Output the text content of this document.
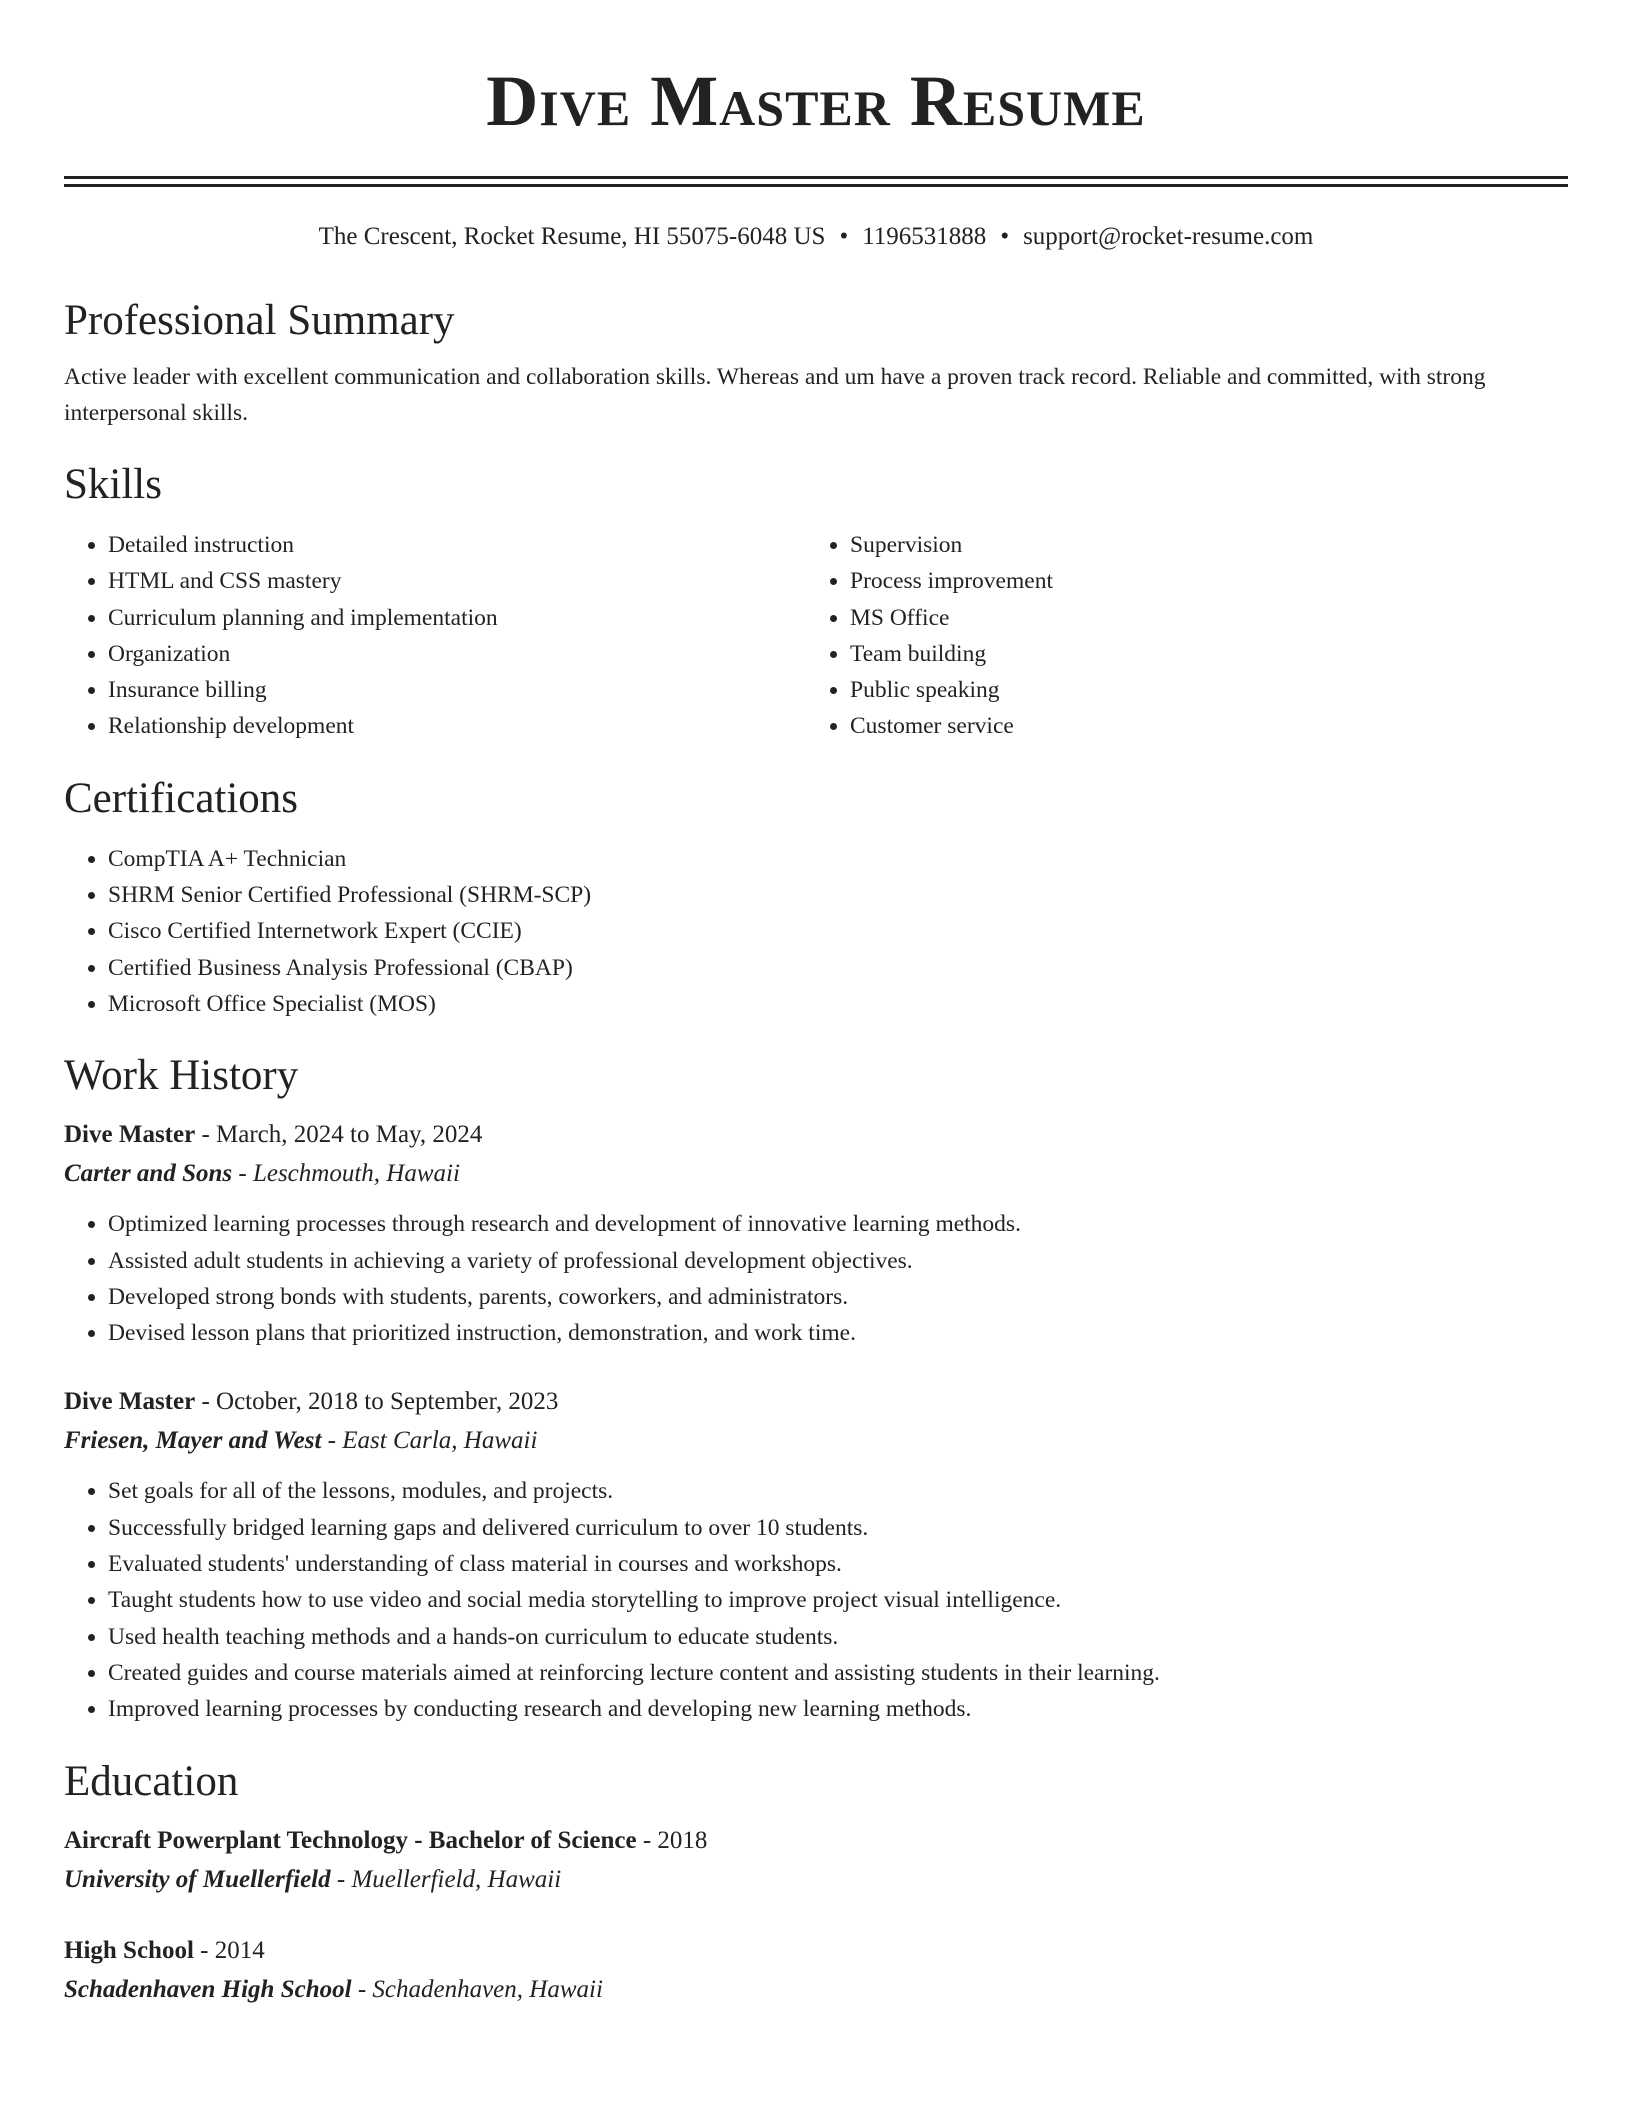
Dive Master Resume
The Crescent, Rocket Resume, HI 55075-6048 US • 1196531888 • support@rocket-resume.com
Professional Summary

Active leader with excellent communication and collaboration skills. Whereas and um have a proven track record. Reliable and committed, with strong interpersonal skills.

Skills
• Detailed instruction
• HTML and CSS mastery
• Curriculum planning and implementation
• Organization
• Insurance billing
• Relationship development
• Supervision
• Process improvement
• MS Office
• Team building
• Public speaking
• Customer service
Certifications
• CompTIA A+ Technician
• SHRM Senior Certified Professional (SHRM-SCP)
• Cisco Certified Internetwork Expert (CCIE)
• Certified Business Analysis Professional (CBAP)
• Microsoft Office Specialist (MOS)
Work History
Dive Master - March, 2024 to May, 2024
Carter and Sons - Leschmouth, Hawaii
• Optimized learning processes through research and development of innovative learning methods.
• Assisted adult students in achieving a variety of professional development objectives.
• Developed strong bonds with students, parents, coworkers, and administrators.
• Devised lesson plans that prioritized instruction, demonstration, and work time.
Dive Master - October, 2018 to September, 2023
Friesen, Mayer and West - East Carla, Hawaii
• Set goals for all of the lessons, modules, and projects.
• Successfully bridged learning gaps and delivered curriculum to over 10 students.
• Evaluated students' understanding of class material in courses and workshops.
• Taught students how to use video and social media storytelling to improve project visual intelligence.
• Used health teaching methods and a hands-on curriculum to educate students.
• Created guides and course materials aimed at reinforcing lecture content and assisting students in their learning.
• Improved learning processes by conducting research and developing new learning methods.
Education
Aircraft Powerplant Technology - Bachelor of Science - 2018
University of Muellerfield - Muellerfield, Hawaii
High School - 2014
Schadenhaven High School - Schadenhaven, Hawaii
